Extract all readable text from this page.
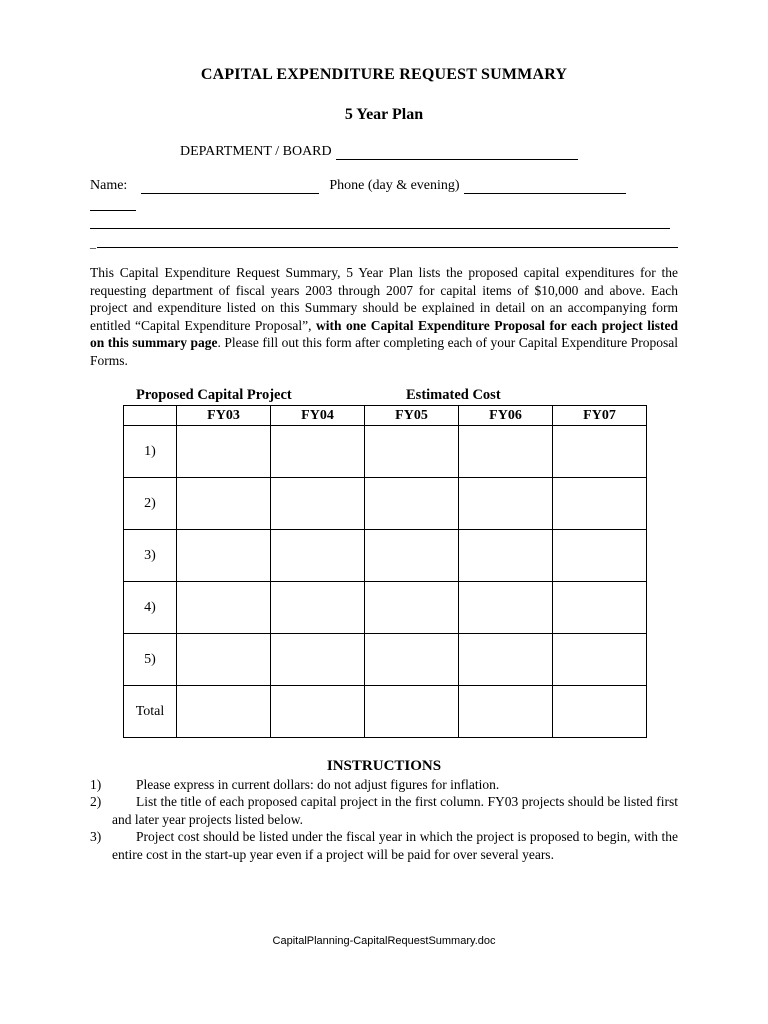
CAPITAL EXPENDITURE REQUEST SUMMARY
5 Year Plan
DEPARTMENT / BOARD
Name:	Phone (day & evening)
_
This Capital Expenditure Request Summary, 5 Year Plan lists the proposed capital expenditures for the requesting department of fiscal years 2003 through 2007 for capital items of $10,000 and above. Each project and expenditure listed on this Summary should be explained in detail on an accompanying form entitled “Capital Expenditure Proposal”, with one Capital Expenditure Proposal for each project listed on this summary page. Please fill out this form after completing each of your Capital Expenditure Proposal Forms.
Proposed Capital Project	Estimated Cost
	FY03	FY04	FY05	FY06	FY07
1)					
2)					
3)					
4)					
5)					
Total					
INSTRUCTIONS
1)	Please express in current dollars: do not adjust figures for inflation.
2)	List the title of each proposed capital project in the first column. FY03 projects should be listed first and later year projects listed below.
3)	Project cost should be listed under the fiscal year in which the project is proposed to begin, with the entire cost in the start-up year even if a project will be paid for over several years.
CapitalPlanning-CapitalRequestSummary.doc
